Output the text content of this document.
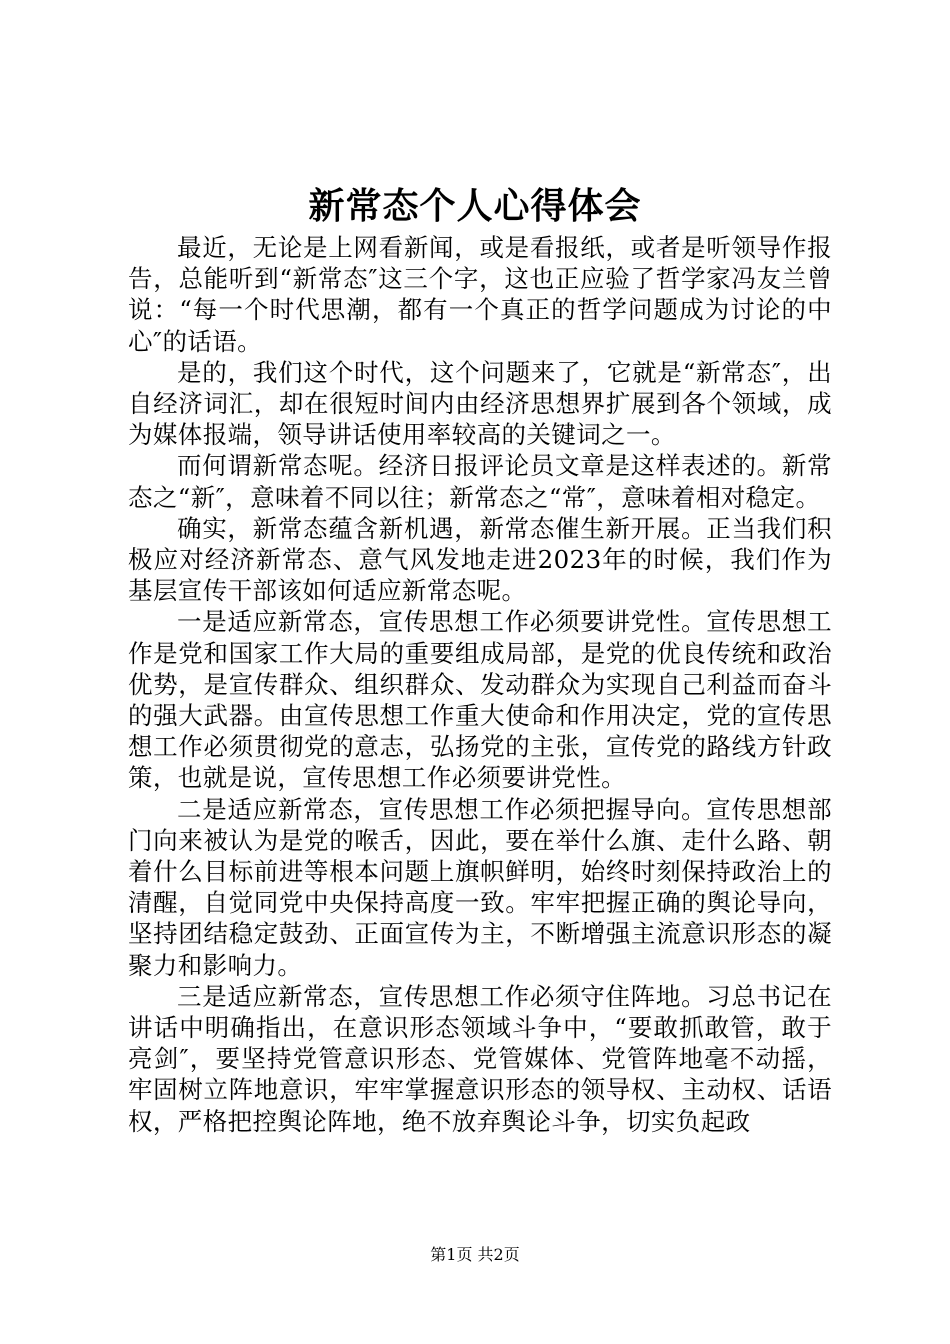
新常态个人心得体会

最近，无论是上网看新闻，或是看报纸，或者是听领导作报告，总能听到“新常态″这三个字，这也正应验了哲学家冯友兰曾说：“每一个时代思潮，都有一个真正的哲学问题成为讨论的中心″的话语。

是的，我们这个时代，这个问题来了，它就是“新常态″，出自经济词汇，却在很短时间内由经济思想界扩展到各个领域，成为媒体报端，领导讲话使用率较高的关键词之一。

而何谓新常态呢。经济日报评论员文章是这样表述的。新常态之“新″，意味着不同以往；新常态之“常″，意味着相对稳定。

确实，新常态蕴含新机遇，新常态催生新开展。正当我们积极应对经济新常态、意气风发地走进2023年的时候，我们作为基层宣传干部该如何适应新常态呢。

一是适应新常态，宣传思想工作必须要讲党性。宣传思想工作是党和国家工作大局的重要组成局部，是党的优良传统和政治优势，是宣传群众、组织群众、发动群众为实现自己利益而奋斗的强大武器。由宣传思想工作重大使命和作用决定，党的宣传思想工作必须贯彻党的意志，弘扬党的主张，宣传党的路线方针政策，也就是说，宣传思想工作必须要讲党性。

二是适应新常态，宣传思想工作必须把握导向。宣传思想部门向来被认为是党的喉舌，因此，要在举什么旗、走什么路、朝着什么目标前进等根本问题上旗帜鲜明，始终时刻保持政治上的清醒，自觉同党中央保持高度一致。牢牢把握正确的舆论导向，坚持团结稳定鼓劲、正面宣传为主，不断增强主流意识形态的凝聚力和影响力。

三是适应新常态，宣传思想工作必须守住阵地。习总书记在讲话中明确指出，在意识形态领域斗争中，“要敢抓敢管，敢于亮剑″，要坚持党管意识形态、党管媒体、党管阵地毫不动摇，牢固树立阵地意识，牢牢掌握意识形态的领导权、主动权、话语权，严格把控舆论阵地，绝不放弃舆论斗争，切实负起政

第1页 共2页
